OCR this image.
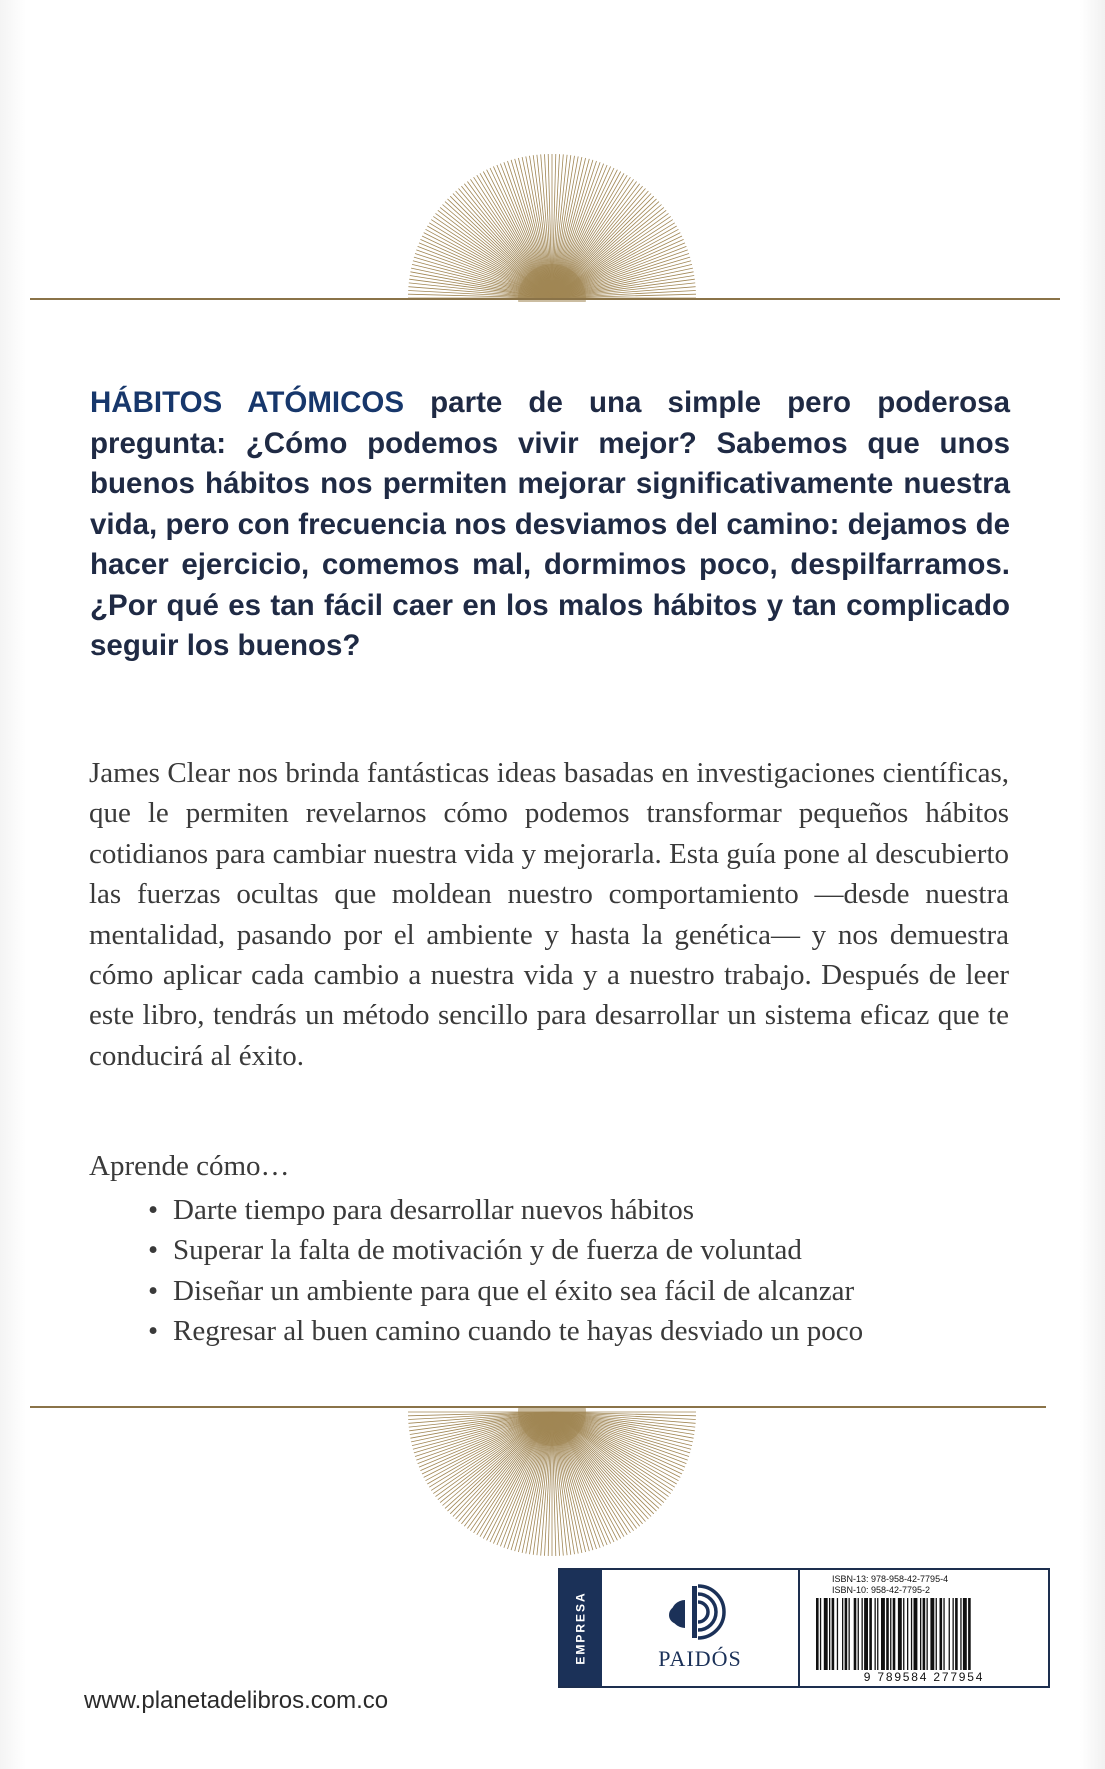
HÁBITOS ATÓMICOS parte de una simple pero poderosa pregunta: ¿Cómo podemos vivir mejor? Sabemos que unos buenos hábitos nos permiten mejorar significativamente nuestra vida, pero con frecuencia nos desviamos del camino: dejamos de hacer ejercicio, comemos mal, dormimos poco, despilfarramos. ¿Por qué es tan fácil caer en los malos hábitos y tan complicado seguir los buenos?
James Clear nos brinda fantásticas ideas basadas en investigaciones científicas, que le permiten revelarnos cómo podemos transformar pequeños hábitos cotidianos para cambiar nuestra vida y mejorarla. Esta guía pone al descubierto las fuerzas ocultas que moldean nuestro comportamiento —desde nuestra mentalidad, pasando por el ambiente y hasta la genética— y nos demuestra cómo aplicar cada cambio a nuestra vida y a nuestro trabajo. Después de leer este libro, tendrás un método sencillo para desarrollar un sistema eficaz que te conducirá al éxito.
Aprende cómo…
• Darte tiempo para desarrollar nuevos hábitos
• Superar la falta de motivación y de fuerza de voluntad
• Diseñar un ambiente para que el éxito sea fácil de alcanzar
• Regresar al buen camino cuando te hayas desviado un poco
www.planetadelibros.com.co
EMPRESA	PAIDÓS
ISBN-13: 978-958-42-7795-4
ISBN-10: 958-42-7795-2
9 789584 277954
